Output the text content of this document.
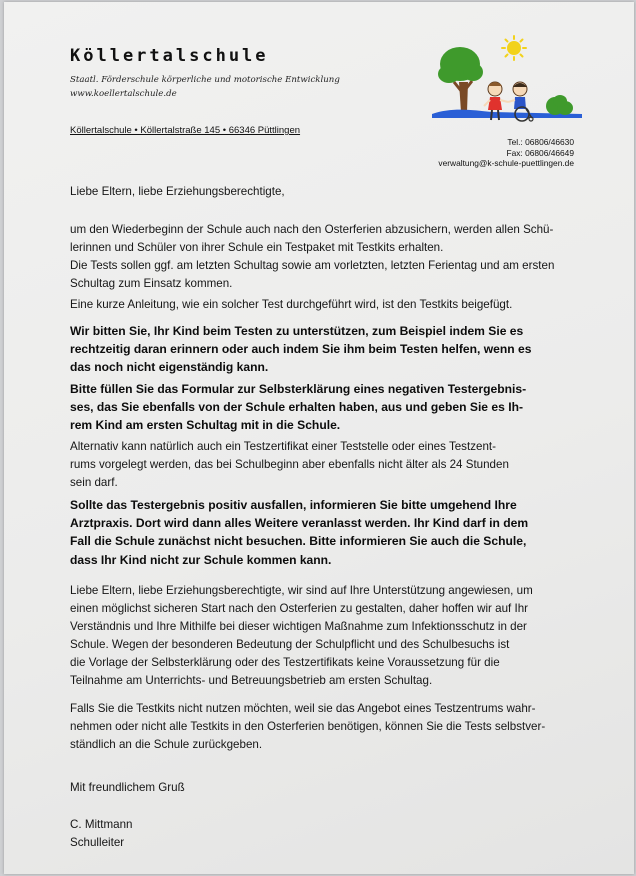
Köllertalschule
Staatl. Förderschule körperliche und motorische Entwicklung
www.koellertalschule.de
Köllertalschule • Köllertalstraße 145 • 66346 Püttlingen
Tel.: 06806/46630
Fax: 06806/46649
verwaltung@k-schule-puettlingen.de
Liebe Eltern, liebe Erziehungsberechtigte,
um den Wiederbeginn der Schule auch nach den Osterferien abzusichern, werden allen Schü-
lerinnen und Schüler von ihrer Schule ein Testpaket mit Testkits erhalten.
Die Tests sollen ggf. am letzten Schultag sowie am vorletzten, letzten Ferientag und am ersten
Schultag zum Einsatz kommen.
Eine kurze Anleitung, wie ein solcher Test durchgeführt wird, ist den Testkits beigefügt.
Wir bitten Sie, Ihr Kind beim Testen zu unterstützen, zum Beispiel indem Sie es
rechtzeitig daran erinnern oder auch indem Sie ihm beim Testen helfen, wenn es
das noch nicht eigenständig kann.
Bitte füllen Sie das Formular zur Selbsterklärung eines negativen Testergebnis-
ses, das Sie ebenfalls von der Schule erhalten haben, aus und geben Sie es Ih-
rem Kind am ersten Schultag mit in die Schule.
Alternativ kann natürlich auch ein Testzertifikat einer Teststelle oder eines Testzent-
rums vorgelegt werden, das bei Schulbeginn aber ebenfalls nicht älter als 24 Stunden
sein darf.
Sollte das Testergebnis positiv ausfallen, informieren Sie bitte umgehend Ihre
Arztpraxis. Dort wird dann alles Weitere veranlasst werden. Ihr Kind darf in dem
Fall die Schule zunächst nicht besuchen. Bitte informieren Sie auch die Schule,
dass Ihr Kind nicht zur Schule kommen kann.
Liebe Eltern, liebe Erziehungsberechtigte, wir sind auf Ihre Unterstützung angewiesen, um
einen möglichst sicheren Start nach den Osterferien zu gestalten, daher hoffen wir auf Ihr
Verständnis und Ihre Mithilfe bei dieser wichtigen Maßnahme zum Infektionsschutz in der
Schule. Wegen der besonderen Bedeutung der Schulpflicht und des Schulbesuchs ist
die Vorlage der Selbsterklärung oder des Testzertifikats keine Voraussetzung für die
Teilnahme am Unterrichts- und Betreuungsbetrieb am ersten Schultag.
Falls Sie die Testkits nicht nutzen möchten, weil sie das Angebot eines Testzentrums wahr-
nehmen oder nicht alle Testkits in den Osterferien benötigen, können Sie die Tests selbstver-
ständlich an die Schule zurückgeben.
Mit freundlichem Gruß
C. Mittmann
Schulleiter
